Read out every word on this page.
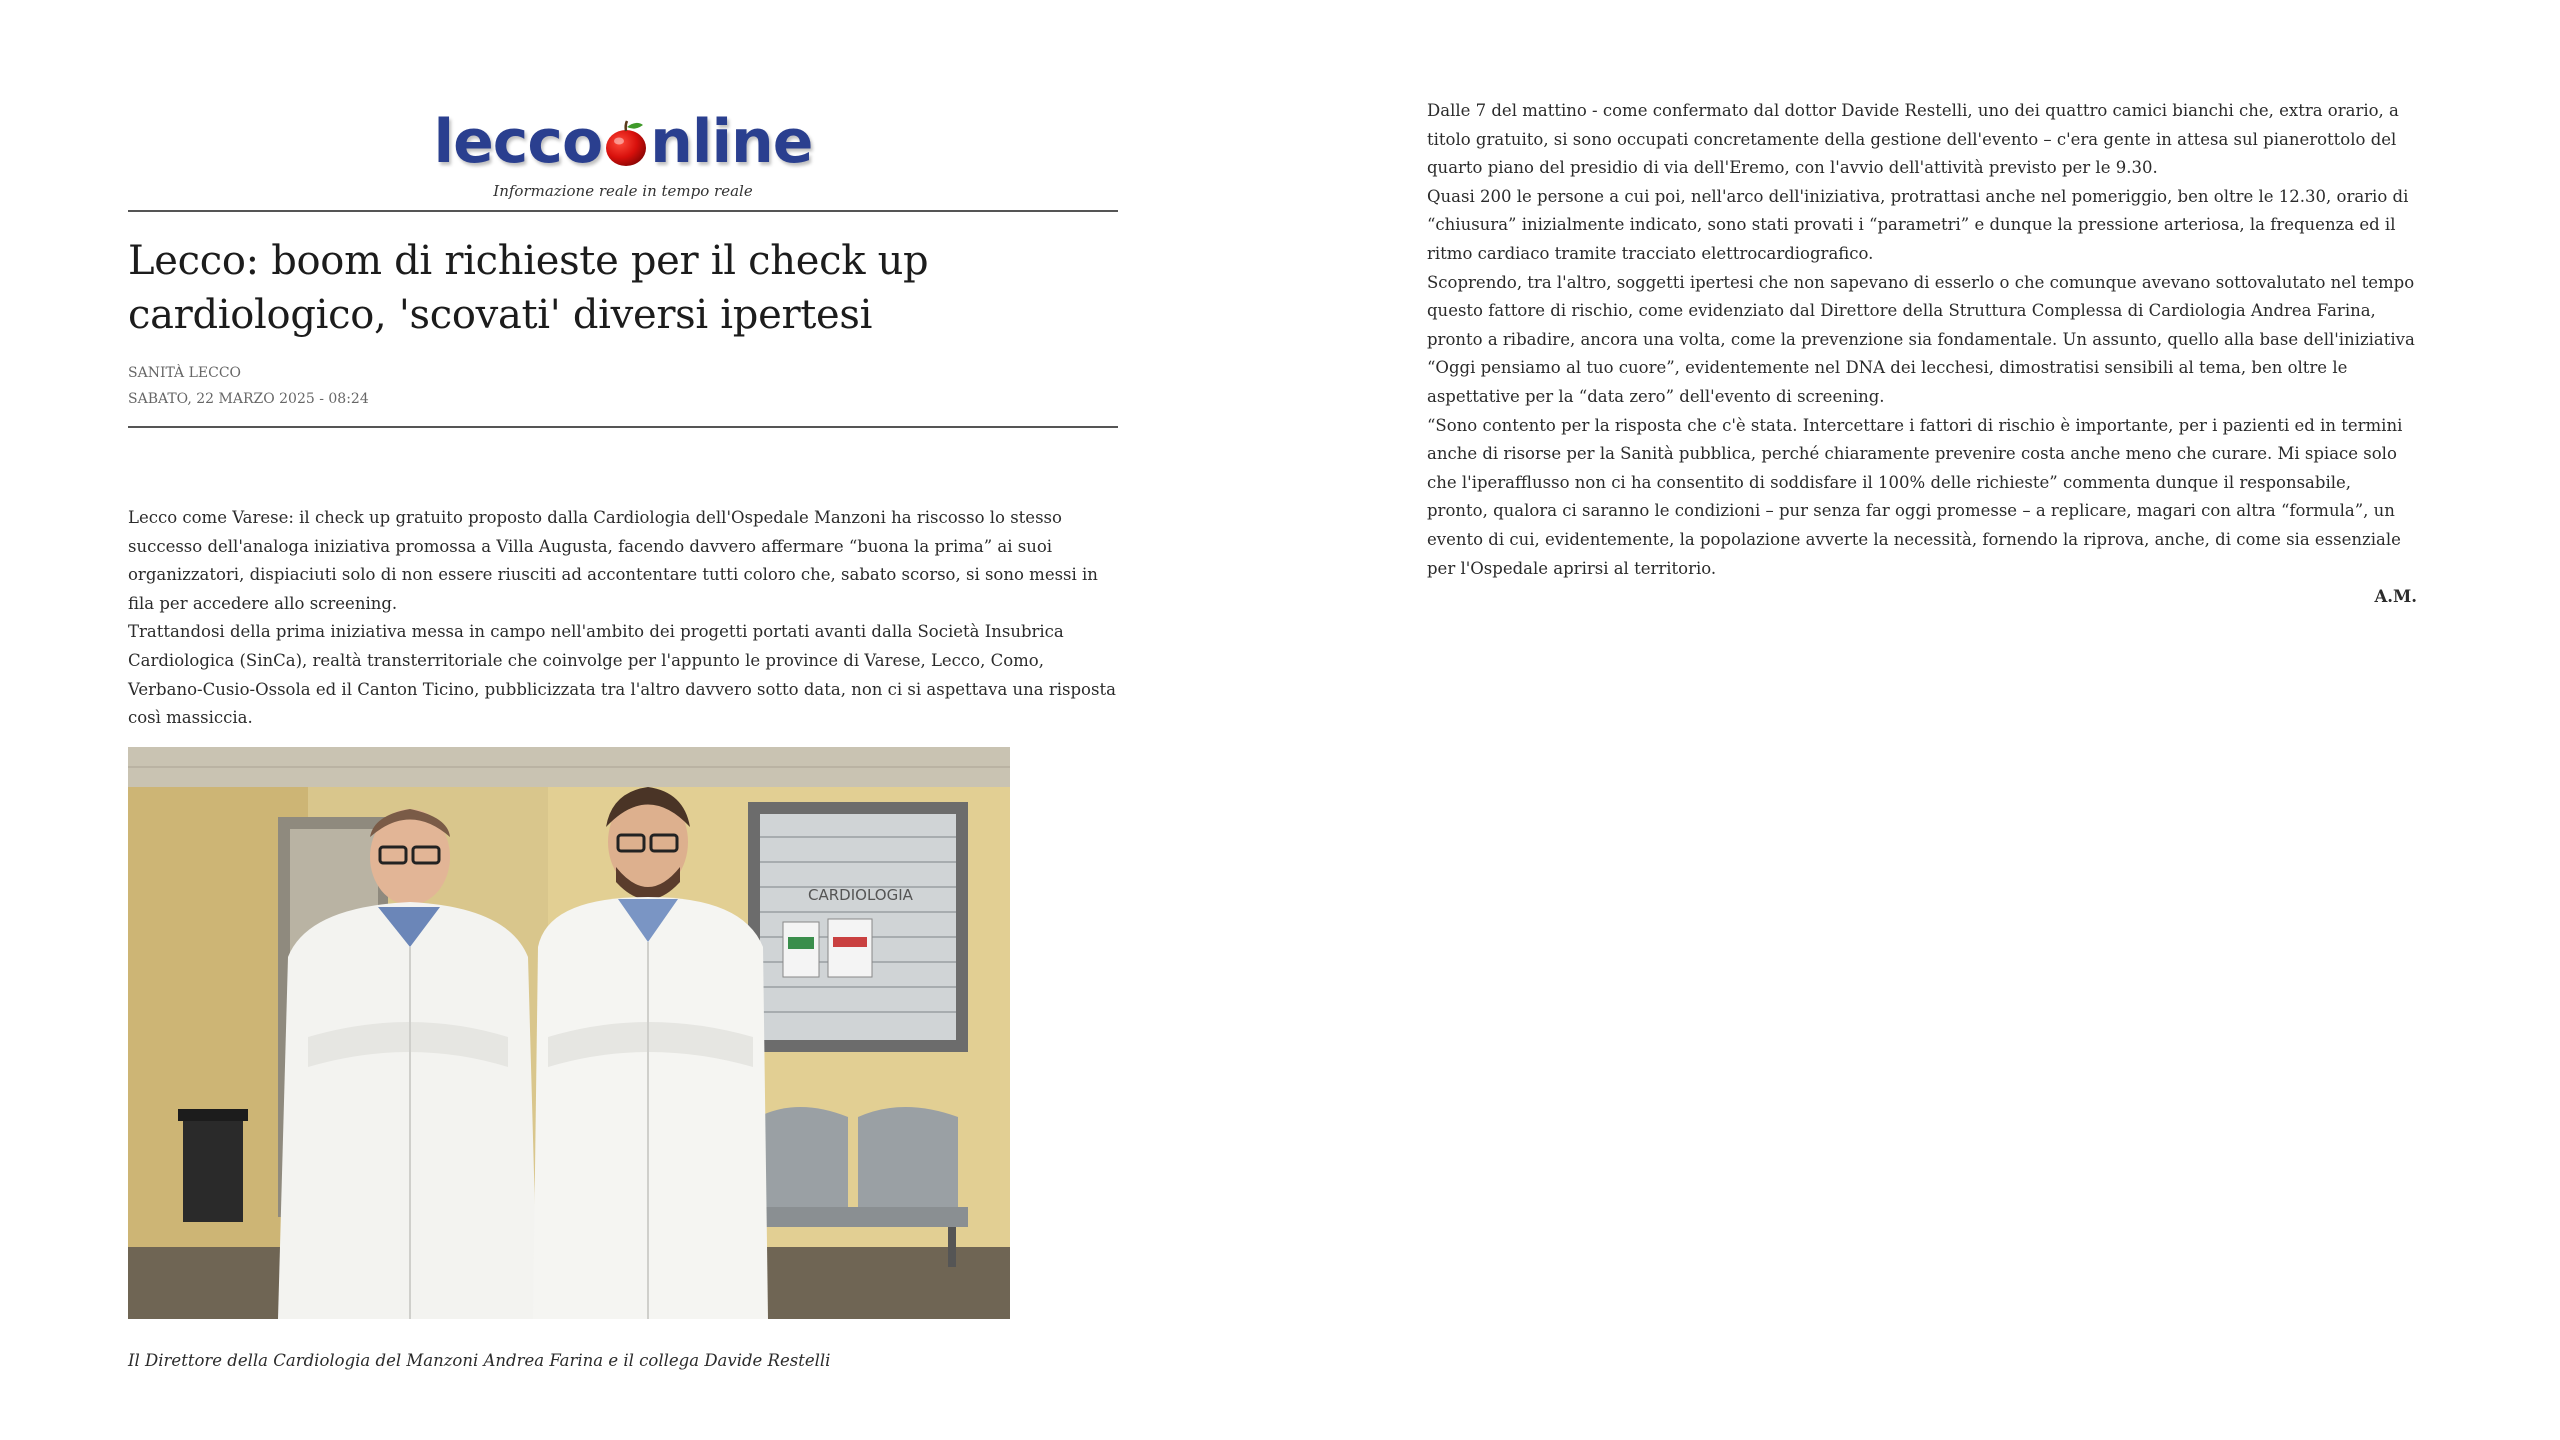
lecco nline
Informazione reale in tempo reale
Lecco: boom di richieste per il check up cardiologico, 'scovati' diversi ipertesi
SANITÀ LECCO
SABATO, 22 MARZO 2025 - 08:24

Lecco come Varese: il check up gratuito proposto dalla Cardiologia dell'Ospedale Manzoni ha riscosso lo stesso successo dell'analoga iniziativa promossa a Villa Augusta, facendo davvero affermare “buona la prima” ai suoi organizzatori, dispiaciuti solo di non essere riusciti ad accontentare tutti coloro che, sabato scorso, si sono messi in fila per accedere allo screening.

Trattandosi della prima iniziativa messa in campo nell'ambito dei progetti portati avanti dalla Società Insubrica Cardiologica (SinCa), realtà transterritoriale che coinvolge per l'appunto le province di Varese, Lecco, Como, Verbano-Cusio-Ossola ed il Canton Ticino, pubblicizzata tra l'altro davvero sotto data, non ci si aspettava una risposta così massiccia.

CARDIOLOGIA
Il Direttore della Cardiologia del Manzoni Andrea Farina e il collega Davide Restelli

Dalle 7 del mattino - come confermato dal dottor Davide Restelli, uno dei quattro camici bianchi che, extra orario, a titolo gratuito, si sono occupati concretamente della gestione dell'evento – c'era gente in attesa sul pianerottolo del quarto piano del presidio di via dell'Eremo, con l'avvio dell'attività previsto per le 9.30.

Quasi 200 le persone a cui poi, nell'arco dell'iniziativa, protrattasi anche nel pomeriggio, ben oltre le 12.30, orario di “chiusura” inizialmente indicato, sono stati provati i “parametri” e dunque la pressione arteriosa, la frequenza ed il ritmo cardiaco tramite tracciato elettrocardiografico.

Scoprendo, tra l'altro, soggetti ipertesi che non sapevano di esserlo o che comunque avevano sottovalutato nel tempo questo fattore di rischio, come evidenziato dal Direttore della Struttura Complessa di Cardiologia Andrea Farina, pronto a ribadire, ancora una volta, come la prevenzione sia fondamentale. Un assunto, quello alla base dell'iniziativa “Oggi pensiamo al tuo cuore”, evidentemente nel DNA dei lecchesi, dimostratisi sensibili al tema, ben oltre le aspettative per la “data zero” dell'evento di screening.

“Sono contento per la risposta che c'è stata. Intercettare i fattori di rischio è importante, per i pazienti ed in termini anche di risorse per la Sanità pubblica, perché chiaramente prevenire costa anche meno che curare. Mi spiace solo che l'iperafflusso non ci ha consentito di soddisfare il 100% delle richieste” commenta dunque il responsabile, pronto, qualora ci saranno le condizioni – pur senza far oggi promesse – a replicare, magari con altra “formula”, un evento di cui, evidentemente, la popolazione avverte la necessità, fornendo la riprova, anche, di come sia essenziale per l'Ospedale aprirsi al territorio.

A.M.
